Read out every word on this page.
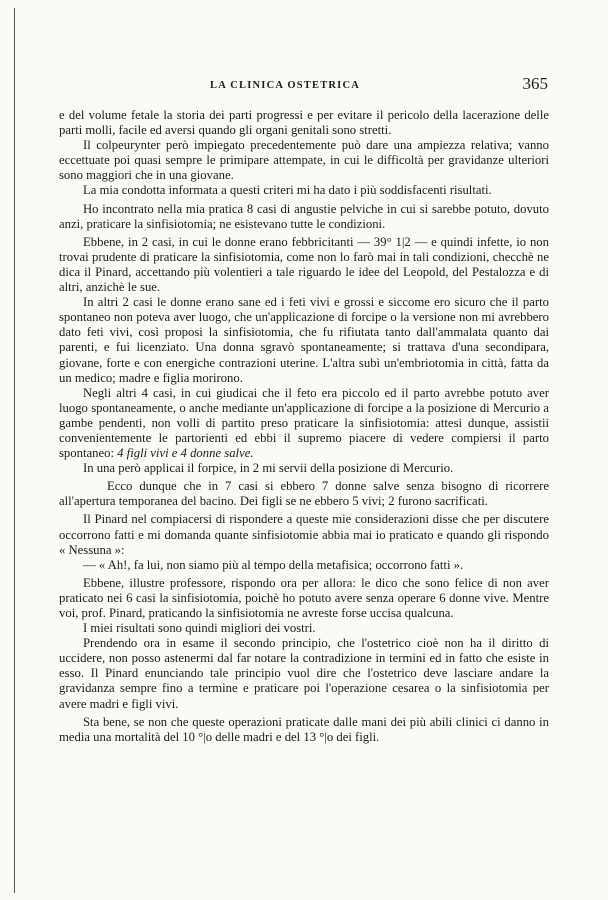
LA CLINICA OSTETRICA	365

e del volume fetale la storia dei parti progressi e per evitare il pericolo della lacerazione delle parti molli, facile ed aversi quando gli organi genitali sono stretti.

Il colpeurynter però impiegato precedentemente può dare una ampiezza relativa; vanno eccettuate poi quasi sempre le primipare attempate, in cui le difficoltà per gravidanze ulteriori sono maggiori che in una giovane.

La mia condotta informata a questi criteri mi ha dato i più soddisfacenti risultati.

Ho incontrato nella mia pratica 8 casi di angustie pelviche in cui si sarebbe potuto, dovuto anzi, praticare la sinfisiotomia; ne esistevano tutte le condizioni.

Ebbene, in 2 casi, in cui le donne erano febbricitanti — 39° 1|2 — e quindi infette, io non trovai prudente di praticare la sinfisiotomia, come non lo farò mai in tali condizioni, checchè ne dica il Pinard, accettando più volentieri a tale riguardo le idee del Leopold, del Pestalozza e di altri, anzichè le sue.

In altri 2 casi le donne erano sane ed i feti vivi e grossi e siccome ero sicuro che il parto spontaneo non poteva aver luogo, che un'applicazione di forcipe o la versione non mi avrebbero dato feti vivi, così proposi la sinfisiotomia, che fu rifiutata tanto dall'ammalata quanto dai parenti, e fui licenziato. Una donna sgravò spontaneamente; si trattava d'una secondipara, giovane, forte e con energiche contrazioni uterine. L'altra subì un'embriotomia in città, fatta da un medico; madre e figlia morirono.

Negli altri 4 casi, in cui giudicai che il feto era piccolo ed il parto avrebbe potuto aver luogo spontaneamente, o anche mediante un'applicazione di forcipe a la posizione di Mercurio a gambe pendenti, non volli di partito preso praticare la sinfisiotomia: attesi dunque, assistii convenientemente le partorienti ed ebbi il supremo piacere di vedere compiersi il parto spontaneo: 4 figli vivi e 4 donne salve.

In una però applicai il forpice, in 2 mi servii della posizione di Mercurio.

Ecco dunque che in 7 casi si ebbero 7 donne salve senza bisogno di ricorrere all'apertura temporanea del bacino. Dei figli se ne ebbero 5 vivi; 2 furono sacrificati.

Il Pinard nel compiacersi di rispondere a queste mie considerazioni disse che per discutere occorrono fatti e mi domanda quante sinfisiotomie abbia mai io praticato e quando gli rispondo « Nessuna »:

— « Ah!, fa lui, non siamo più al tempo della metafisica; occorrono fatti ».

Ebbene, illustre professore, rispondo ora per allora: le dico che sono felice di non aver praticato nei 6 casi la sinfisiotomia, poichè ho potuto avere senza operare 6 donne vive. Mentre voi, prof. Pinard, praticando la sinfisiotomia ne avreste forse uccisa qualcuna.

I miei risultati sono quindi migliori dei vostri.

Prendendo ora in esame il secondo principio, che l'ostetrico cioè non ha il diritto di uccidere, non posso astenermi dal far notare la contradizione in termini ed in fatto che esiste in esso. Il Pinard enunciando tale principio vuol dire che l'ostetrico deve lasciare andare la gravidanza sempre fino a termine e praticare poi l'operazione cesarea o la sinfisiotomia per avere madri e figli vivi.

Sta bene, se non che queste operazioni praticate dalle mani dei più abili clinici ci danno in media una mortalità del 10 °|o delle madri e del 13 °|o dei figli.
